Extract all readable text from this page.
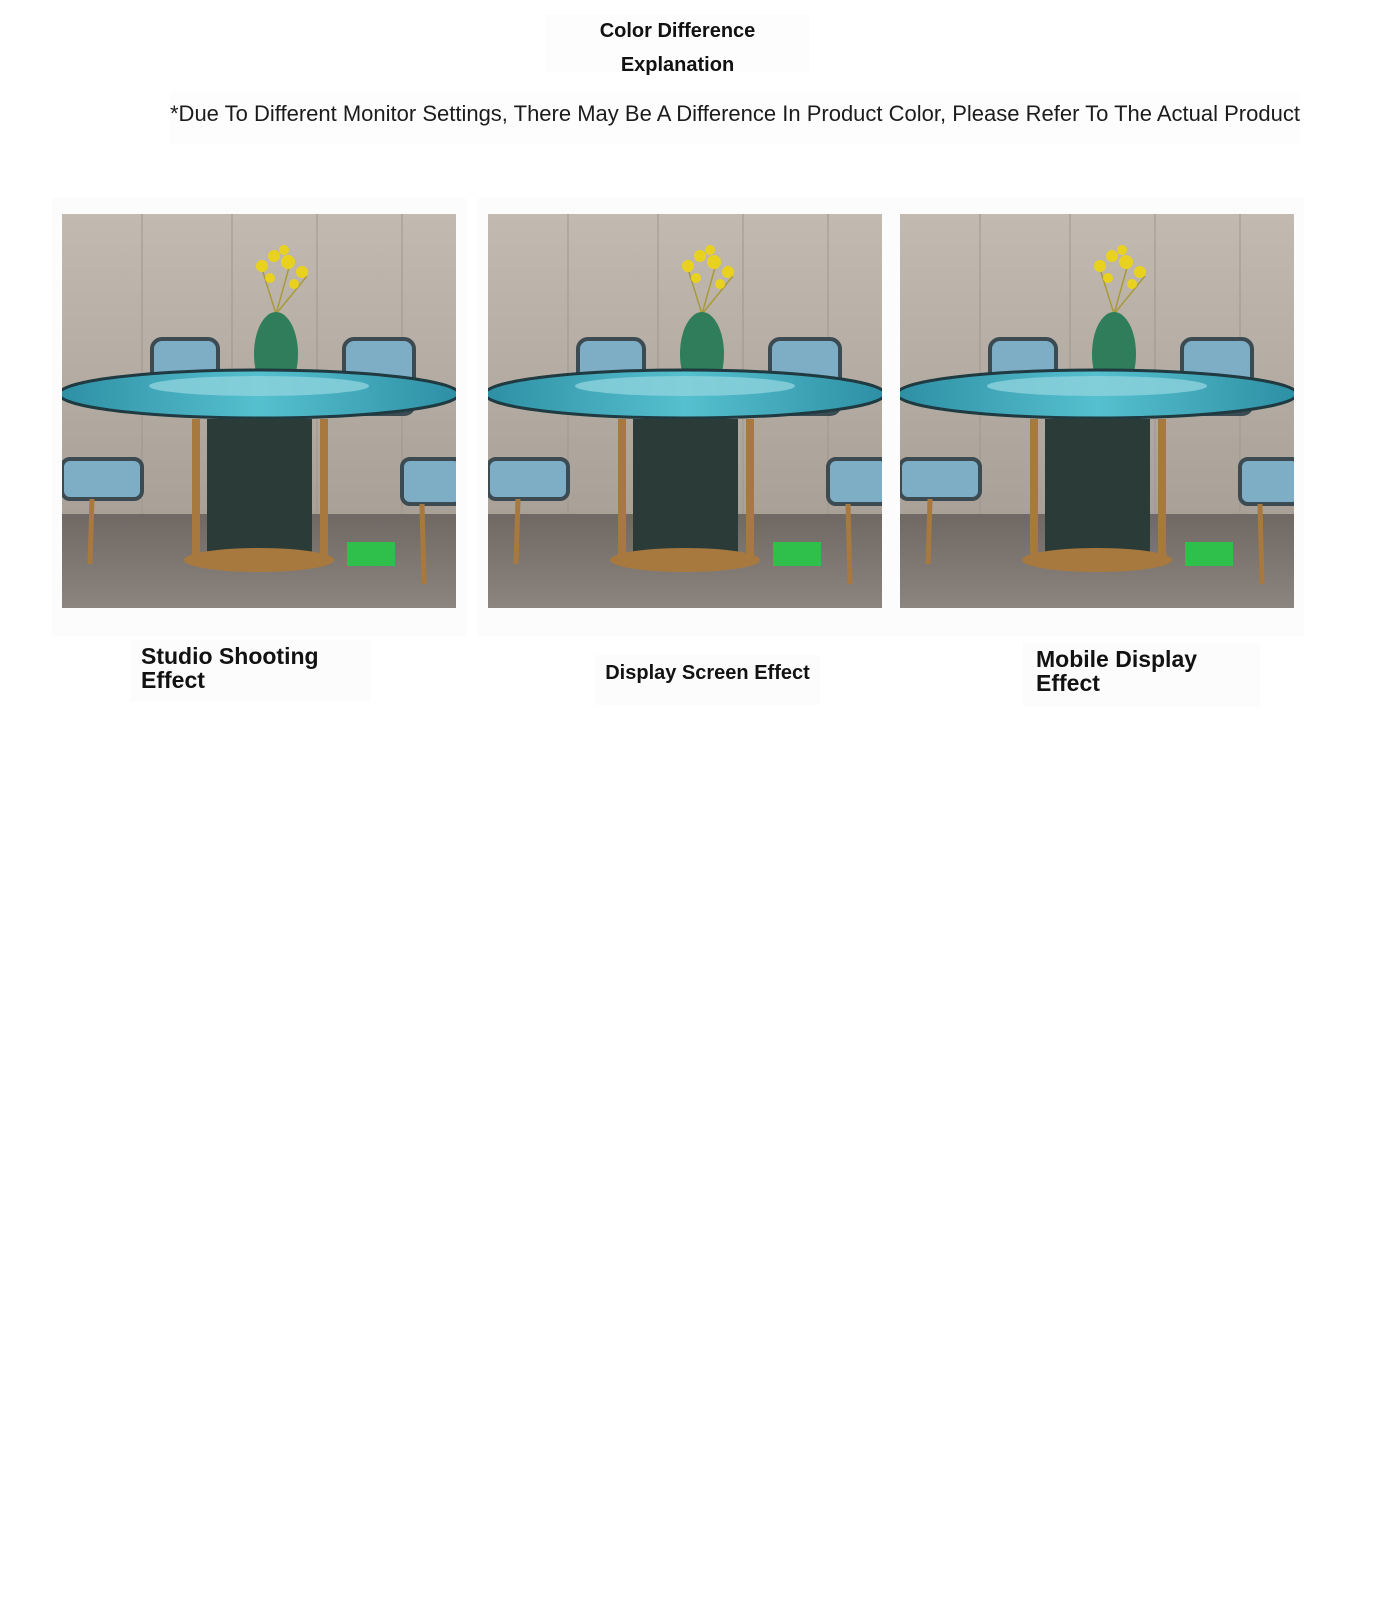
Color Difference Explanation
*Due To Different Monitor Settings, There May Be A Difference In Product Color, Please Refer To The Actual Product
Studio Shooting Effect	Display Screen Effect
Mobile Display Effect
